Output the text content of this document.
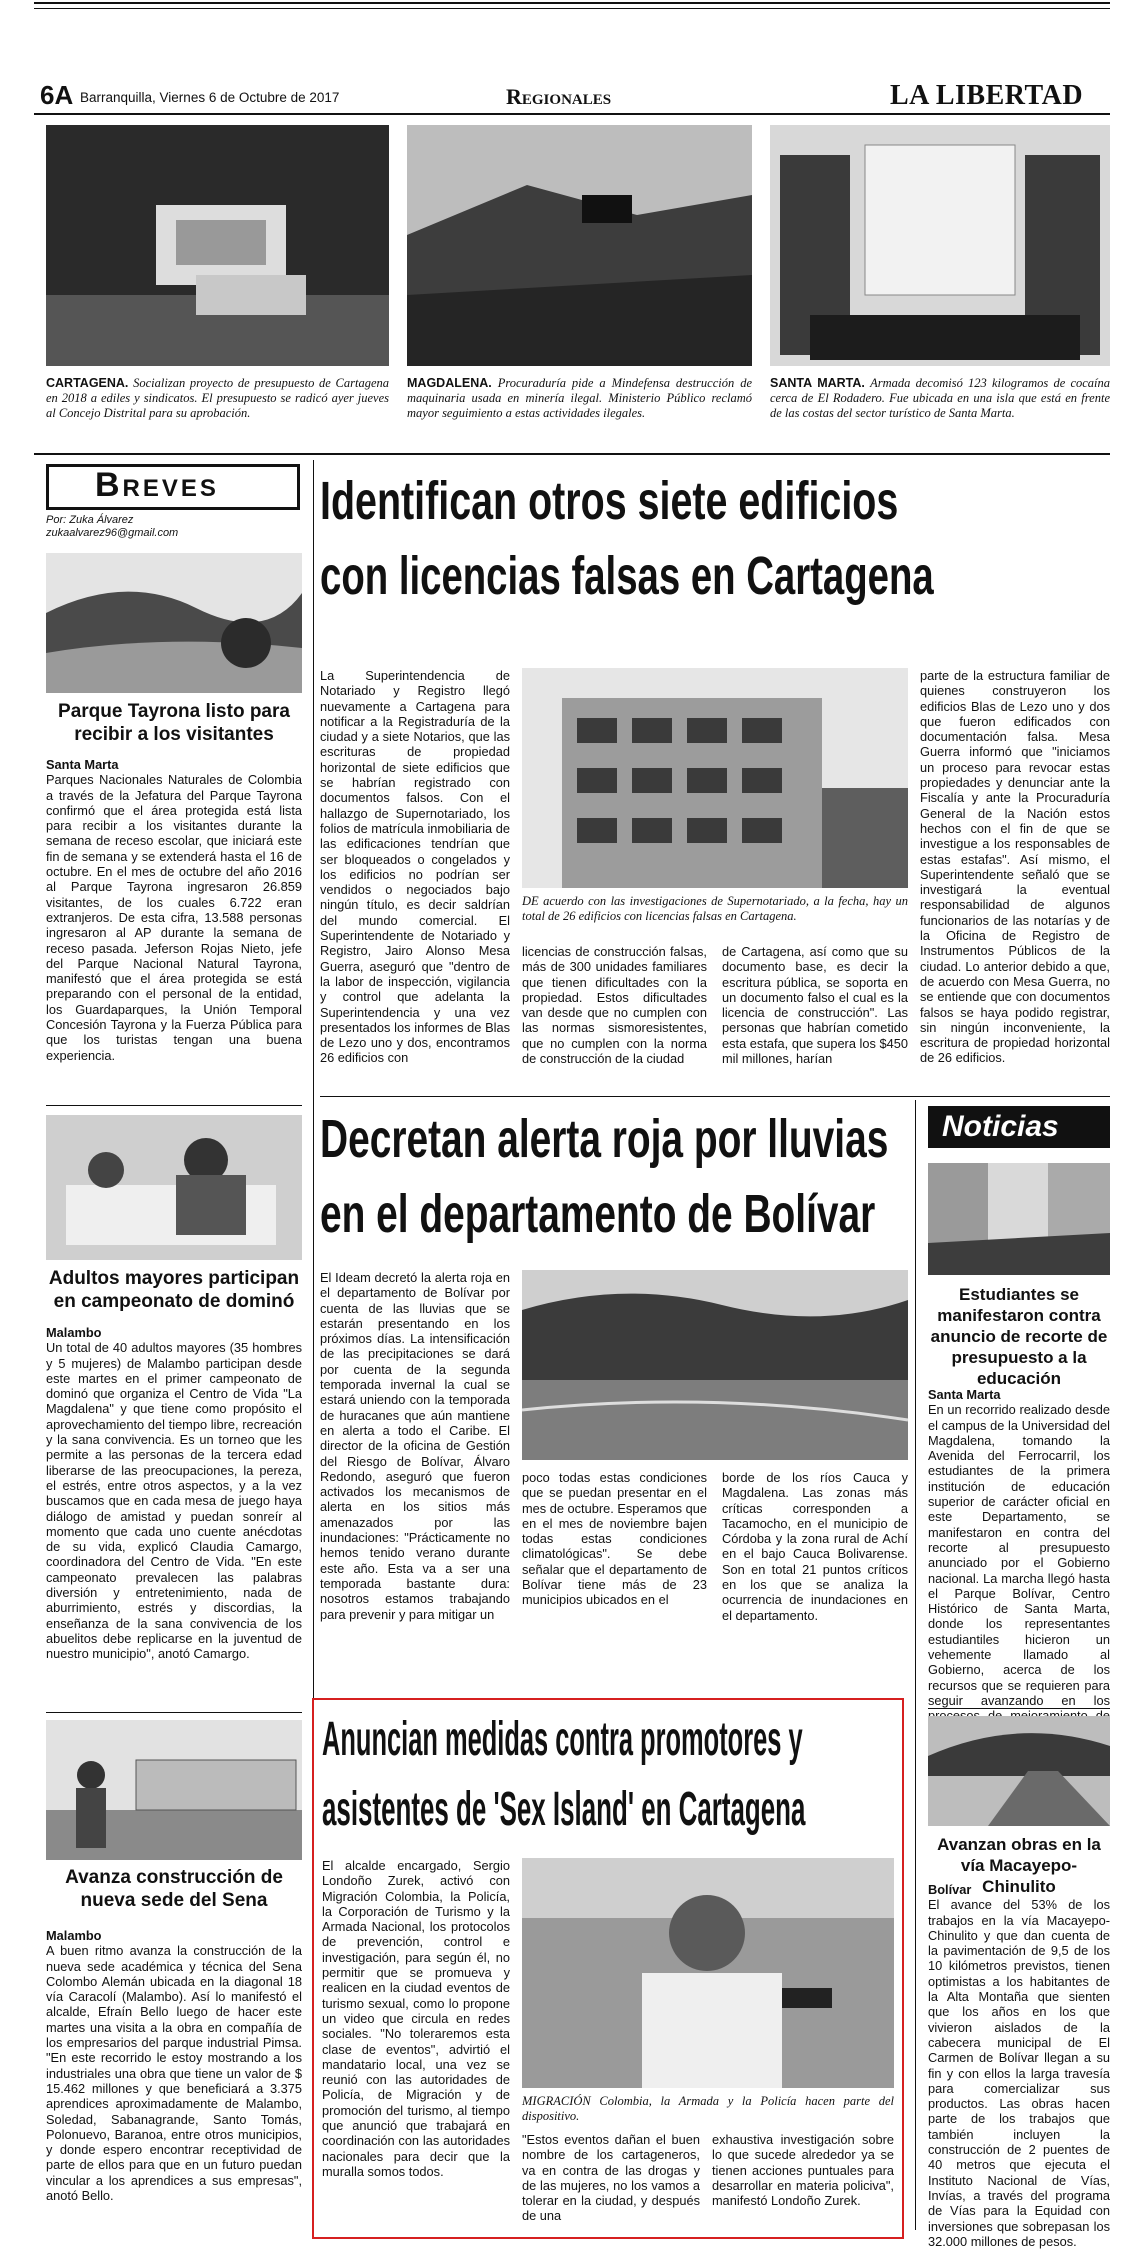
6A Barranquilla, Viernes 6 de Octubre de 2017	Regionales	LA LIBERTAD
CARTAGENA. Socializan proyecto de presupuesto de Cartagena en 2018 a ediles y sindicatos. El presupuesto se radicó ayer jueves al Concejo Distrital para su aprobación.
MAGDALENA. Procuraduría pide a Mindefensa destrucción de maquinaria usada en minería ilegal. Ministerio Público reclamó mayor seguimiento a estas actividades ilegales.
SANTA MARTA. Armada decomisó 123 kilogramos de cocaína cerca de El Rodadero. Fue ubicada en una isla que está en frente de las costas del sector turístico de Santa Marta.
Breves
Por: Zuka Álvarez
zukaalvarez96@gmail.com
Parque Tayrona listo para recibir a los visitantes

Santa Marta

Parques Nacionales Naturales de Colombia a través de la Jefatura del Parque Tayrona confirmó que el área protegida está lista para recibir a los visitantes durante la semana de receso escolar, que iniciará este fin de semana y se extenderá hasta el 16 de octubre. En el mes de octubre del año 2016 al Parque Tayrona ingresaron 26.859 visitantes, de los cuales 6.722 eran extranjeros. De esta cifra, 13.588 personas ingresaron al AP durante la semana de receso pasada. Jeferson Rojas Nieto, jefe del Parque Nacional Natural Tayrona, manifestó que el área protegida se está preparando con el personal de la entidad, los Guardaparques, la Unión Temporal Concesión Tayrona y la Fuerza Pública para que los turistas tengan una buena experiencia.

Adultos mayores participan en campeonato de dominó

Malambo

Un total de 40 adultos mayores (35 hombres y 5 mujeres) de Malambo participan desde este martes en el primer campeonato de dominó que organiza el Centro de Vida "La Magdalena" y que tiene como propósito el aprovechamiento del tiempo libre, recreación y la sana convivencia. Es un torneo que les permite a las personas de la tercera edad liberarse de las preocupaciones, la pereza, el estrés, entre otros aspectos, y a la vez buscamos que en cada mesa de juego haya diálogo de amistad y puedan sonreír al momento que cada uno cuente anécdotas de su vida, explicó Claudia Camargo, coordinadora del Centro de Vida. "En este campeonato prevalecen las palabras diversión y entretenimiento, nada de aburrimiento, estrés y discordias, la enseñanza de la sana convivencia de los abuelitos debe replicarse en la juventud de nuestro municipio", anotó Camargo.

Avanza construcción de nueva sede del Sena

Malambo

A buen ritmo avanza la construcción de la nueva sede académica y técnica del Sena Colombo Alemán ubicada en la diagonal 18 vía Caracolí (Malambo). Así lo manifestó el alcalde, Efraín Bello luego de hacer este martes una visita a la obra en compañía de los empresarios del parque industrial Pimsa. "En este recorrido le estoy mostrando a los industriales una obra que tiene un valor de $ 15.462 millones y que beneficiará a 3.375 aprendices aproximadamente de Malambo, Soledad, Sabanagrande, Santo Tomás, Polonuevo, Baranoa, entre otros municipios, y donde espero encontrar receptividad de parte de ellos para que en un futuro puedan vincular a los aprendices a sus empresas", anotó Bello.

Identifican otros siete edificios
con licencias falsas en Cartagena
La Superintendencia de Notariado y Registro llegó nuevamente a Cartagena para notificar a la Registraduría de la ciudad y a siete Notarios, que las escrituras de propiedad horizontal de siete edificios que se habrían registrado con documentos falsos. Con el hallazgo de Supernotariado, los folios de matrícula inmobiliaria de las edificaciones tendrían que ser bloqueados o congelados y los edificios no podrían ser vendidos o negociados bajo ningún título, es decir saldrían del mundo comercial. El Superintendente de Notariado y Registro, Jairo Alonso Mesa Guerra, aseguró que "dentro de la labor de inspección, vigilancia y control que adelanta la Superintendencia y una vez presentados los informes de Blas de Lezo uno y dos, encontramos 26 edificios con
DE acuerdo con las investigaciones de Supernotariado, a la fecha, hay un total de 26 edificios con licencias falsas en Cartagena.
licencias de construcción falsas, más de 300 unidades familiares que tienen dificultades con la propiedad. Estos dificultades van desde que no cumplen con las normas sismoresistentes, que no cumplen con la norma de construcción de la ciudad
de Cartagena, así como que su documento base, es decir la escritura pública, se soporta en un documento falso el cual es la licencia de construcción". Las personas que habrían cometido esta estafa, que supera los $450 mil millones, harían
parte de la estructura familiar de quienes construyeron los edificios Blas de Lezo uno y dos que fueron edificados con documentación falsa. Mesa Guerra informó que "iniciamos un proceso para revocar estas propiedades y denunciar ante la Fiscalía y ante la Procuraduría General de la Nación estos hechos con el fin de que se investigue a los responsables de estas estafas". Así mismo, el Superintendente señaló que se investigará la eventual responsabilidad de algunos funcionarios de las notarías y de la Oficina de Registro de Instrumentos Públicos de la ciudad. Lo anterior debido a que, de acuerdo con Mesa Guerra, no se entiende que con documentos falsos se haya podido registrar, sin ningún inconveniente, la escritura de propiedad horizontal de 26 edificios.
Decretan alerta roja por lluvias
en el departamento de Bolívar
El Ideam decretó la alerta roja en el departamento de Bolívar por cuenta de las lluvias que se estarán presentando en los próximos días. La intensificación de las precipitaciones se dará por cuenta de la segunda temporada invernal la cual se estará uniendo con la temporada de huracanes que aún mantiene en alerta a todo el Caribe. El director de la oficina de Gestión del Riesgo de Bolívar, Álvaro Redondo, aseguró que fueron activados los mecanismos de alerta en los sitios más amenazados por las inundaciones: "Prácticamente no hemos tenido verano durante este año. Esta va a ser una temporada bastante dura: nosotros estamos trabajando para prevenir y para mitigar un
poco todas estas condiciones que se puedan presentar en el mes de octubre. Esperamos que en el mes de noviembre bajen todas estas condiciones climatológicas". Se debe señalar que el departamento de Bolívar tiene más de 23 municipios ubicados en el
borde de los ríos Cauca y Magdalena. Las zonas más críticas corresponden a Tacamocho, en el municipio de Córdoba y la zona rural de Achí en el bajo Cauca Bolivarense. Son en total 21 puntos críticos en los que se analiza la ocurrencia de inundaciones en el departamento.
Noticias
Estudiantes se manifestaron contra anuncio de recorte de presupuesto a la educación

Santa Marta

En un recorrido realizado desde el campus de la Universidad del Magdalena, tomando la Avenida del Ferrocarril, los estudiantes de la primera institución de educación superior de carácter oficial en este Departamento, se manifestaron en contra del recorte al presupuesto anunciado por el Gobierno nacional. La marcha llegó hasta el Parque Bolívar, Centro Histórico de Santa Marta, donde los representantes estudiantiles hicieron un vehemente llamado al Gobierno, acerca de los recursos que se requieren para seguir avanzando en los

Avanzan obras en la vía Macayepo- Chinulito

Bolívar

El avance del 53% de los trabajos en la vía Macayepo-Chinulito y que dan cuenta de la pavimentación de 9,5 de los 10 kilómetros previstos, tienen optimistas a los habitantes de la Alta Montaña que sienten que los años en los que vivieron aislados de la cabecera municipal de El Carmen de Bolívar llegan a su fin y con ellos la larga travesía para comercializar sus productos. Las obras hacen parte de los trabajos que también incluyen la construcción de 2 puentes de 40 metros que ejecuta el Instituto Nacional de Vías, Invías, a través del programa de Vías para la Equidad con inversiones que sobrepasan los 32.000 millones de pesos.

Anuncian medidas contra promotores y
asistentes de 'Sex Island' en Cartagena
El alcalde encargado, Sergio Londoño Zurek, activó con Migración Colombia, la Policía, la Corporación de Turismo y la Armada Nacional, los protocolos de prevención, control e investigación, para según él, no permitir que se promueva y realicen en la ciudad eventos de turismo sexual, como lo propone un video que circula en redes sociales. "No toleraremos esta clase de eventos", advirtió el mandatario local, una vez se reunió con las autoridades de Policía, de Migración y de promoción del turismo, al tiempo que anunció que trabajará en coordinación con las autoridades nacionales para decir que la muralla somos todos.
MIGRACIÓN Colombia, la Armada y la Policía hacen parte del dispositivo.
"Estos eventos dañan el buen nombre de los cartageneros, va en contra de las drogas y de las mujeres, no los vamos a tolerar en la ciudad, y después de una
exhaustiva investigación sobre lo que sucede alrededor ya se tienen acciones puntuales para desarrollar en materia policiva", manifestó Londoño Zurek.
